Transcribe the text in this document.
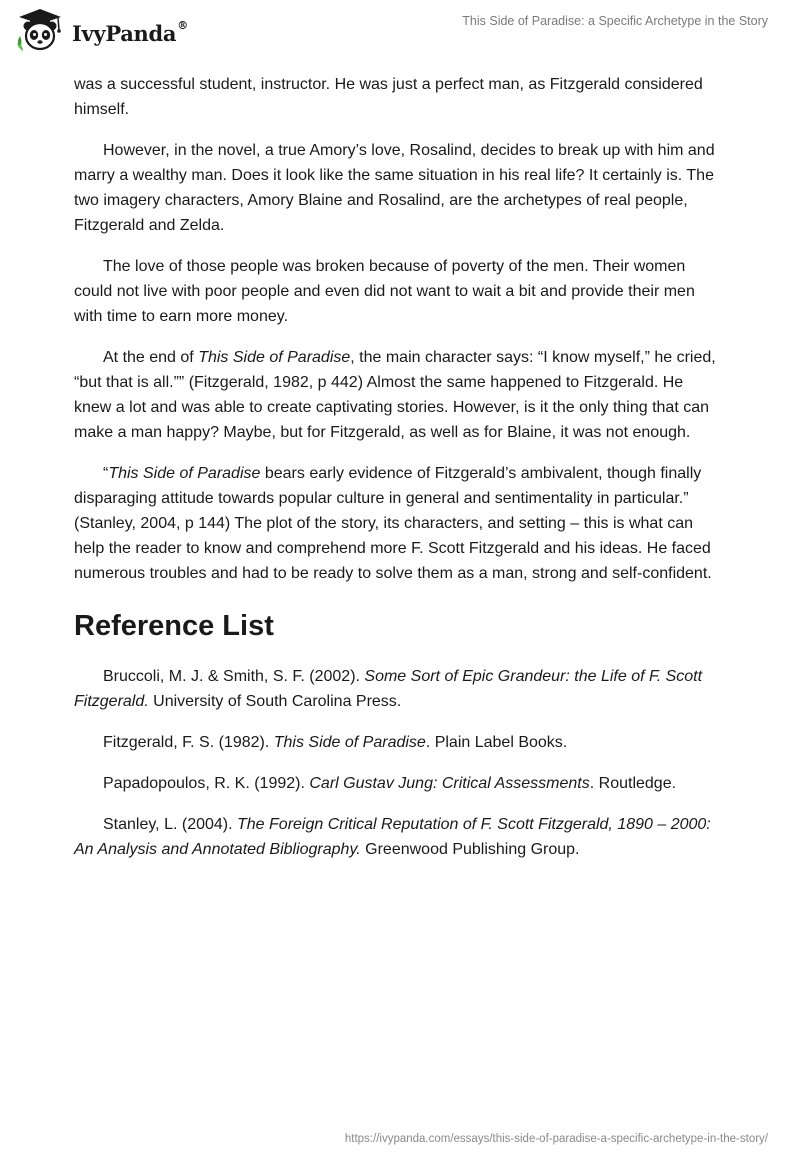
IvyPanda®	This Side of Paradise: a Specific Archetype in the Story

was a successful student, instructor. He was just a perfect man, as Fitzgerald considered himself.

However, in the novel, a true Amory’s love, Rosalind, decides to break up with him and marry a wealthy man. Does it look like the same situation in his real life? It certainly is. The two imagery characters, Amory Blaine and Rosalind, are the archetypes of real people, Fitzgerald and Zelda.

The love of those people was broken because of poverty of the men. Their women could not live with poor people and even did not want to wait a bit and provide their men with time to earn more money.

At the end of This Side of Paradise, the main character says: “I know myself,” he cried, “but that is all.”” (Fitzgerald, 1982, p 442) Almost the same happened to Fitzgerald. He knew a lot and was able to create captivating stories. However, is it the only thing that can make a man happy? Maybe, but for Fitzgerald, as well as for Blaine, it was not enough.

“This Side of Paradise bears early evidence of Fitzgerald’s ambivalent, though finally disparaging attitude towards popular culture in general and sentimentality in particular.” (Stanley, 2004, p 144) The plot of the story, its characters, and setting – this is what can help the reader to know and comprehend more F. Scott Fitzgerald and his ideas. He faced numerous troubles and had to be ready to solve them as a man, strong and self-confident.

Reference List

Bruccoli, M. J. & Smith, S. F. (2002). Some Sort of Epic Grandeur: the Life of F. Scott Fitzgerald. University of South Carolina Press.

Fitzgerald, F. S. (1982). This Side of Paradise. Plain Label Books.

Papadopoulos, R. K. (1992). Carl Gustav Jung: Critical Assessments. Routledge.

Stanley, L. (2004). The Foreign Critical Reputation of F. Scott Fitzgerald, 1890 – 2000: An Analysis and Annotated Bibliography. Greenwood Publishing Group.

https://ivypanda.com/essays/this-side-of-paradise-a-specific-archetype-in-the-story/
